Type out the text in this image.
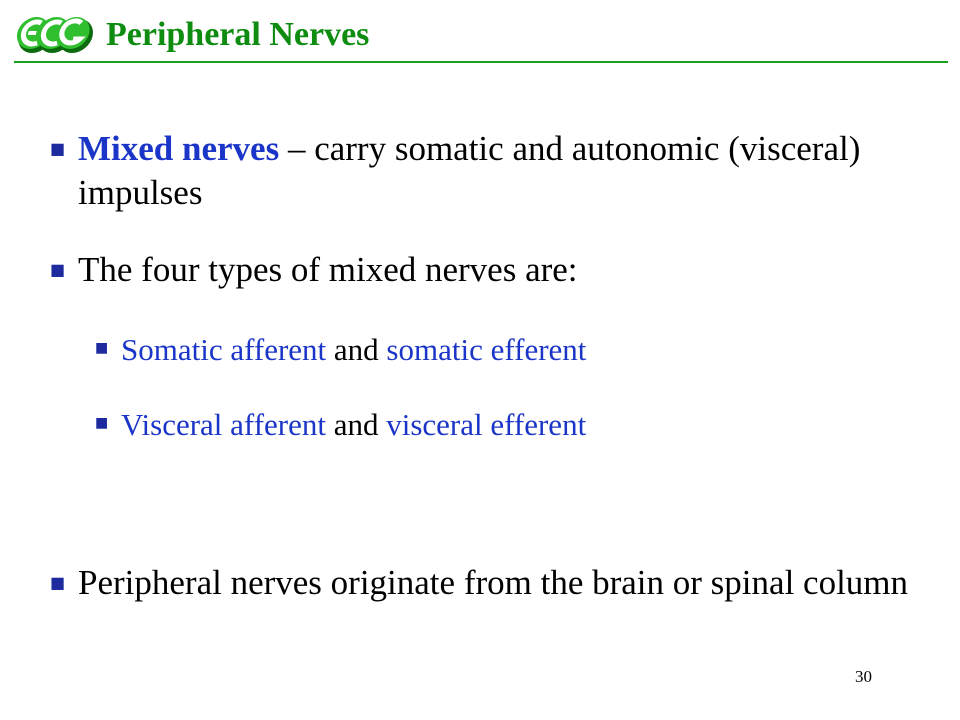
Peripheral Nerves
■ Mixed nerves – carry somatic and autonomic (visceral) impulses
■ The four types of mixed nerves are:
■ Somatic afferent and somatic efferent
■ Visceral afferent and visceral efferent
■ Peripheral nerves originate from the brain or spinal column
30
